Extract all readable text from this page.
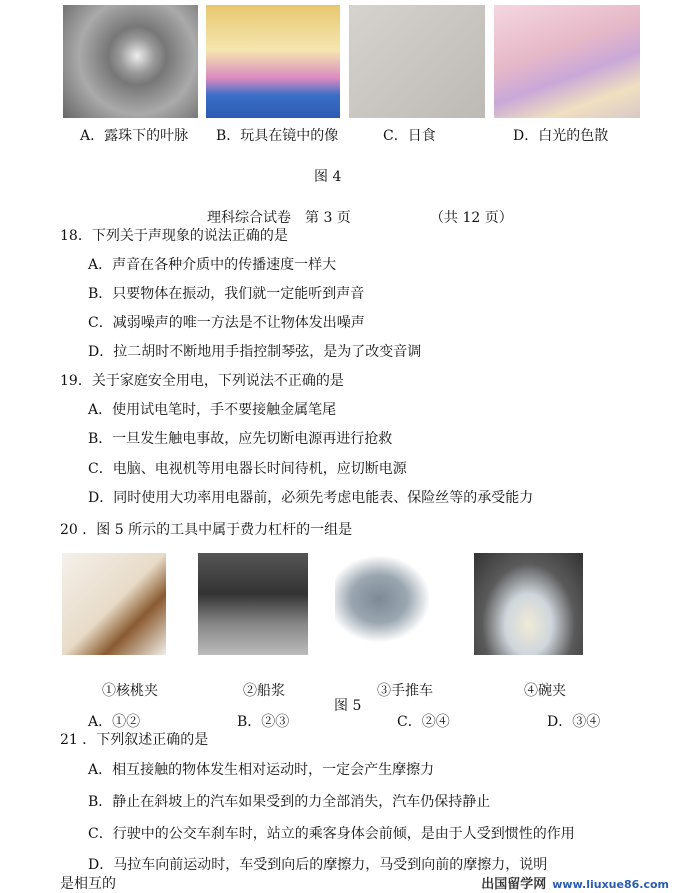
A．露珠下的叶脉 B．玩具在镜中的像	C．日食	D．白光的色散
图 4
理科综合试卷　第 3 页	（共 12 页）
18．下列关于声现象的说法正确的是
A．声音在各种介质中的传播速度一样大
B．只要物体在振动，我们就一定能听到声音
C．减弱噪声的唯一方法是不让物体发出噪声
D．拉二胡时不断地用手指控制琴弦，是为了改变音调
19．关于家庭安全用电，下列说法不正确的是
A．使用试电笔时，手不要接触金属笔尾
B．一旦发生触电事故，应先切断电源再进行抢救
C．电脑、电视机等用电器长时间待机，应切断电源
D．同时使用大功率用电器前，必须先考虑电能表、保险丝等的承受能力
20 ．图 5 所示的工具中属于费力杠杆的一组是
①核桃夹	②船浆	③手推车	④碗夹
图 5
A．①②	B．②③	C．②④	D．③④
21 ．下列叙述正确的是
A．相互接触的物体发生相对运动时，一定会产生摩擦力
B．静止在斜坡上的汽车如果受到的力全部消失，汽车仍保持静止
C．行驶中的公交车刹车时，站立的乘客身体会前倾，是由于人受到惯性的作用
D．马拉车向前运动时，车受到向后的摩擦力，马受到向前的摩擦力，说明
是相互的	出国留学网 www.liuxue86.com
